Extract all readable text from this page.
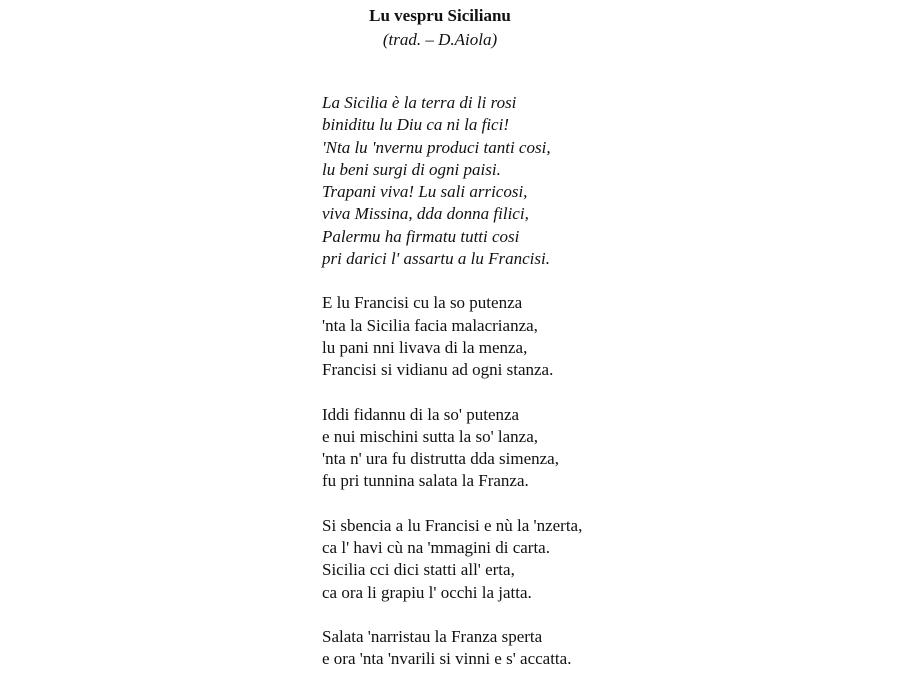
Lu vespru Sicilianu
(trad. – D.Aiola)
La Sicilia è la terra di li rosi
biniditu lu Diu ca ni la fici!
'Nta lu 'nvernu produci tanti cosi,
lu beni surgi di ogni paisi.
Trapani viva! Lu sali arricosi,
viva Missina, dda donna filici,
Palermu ha firmatu tutti cosi
pri darici l' assartu a lu Francisi.
E lu Francisi cu la so putenza
'nta la Sicilia facia malacrianza,
lu pani nni livava di la menza,
Francisi si vidianu ad ogni stanza.
Iddi fidannu di la so' putenza
e nui mischini sutta la so' lanza,
'nta n' ura fu distrutta dda simenza,
fu pri tunnina salata la Franza.
Si sbencia a lu Francisi e nù la 'nzerta,
ca l' havi cù na 'mmagini di carta.
Sicilia cci dici statti all' erta,
ca ora li grapiu l' occhi la jatta.
Salata 'narristau la Franza sperta
e ora 'nta 'nvarili si vinni e s' accatta.
